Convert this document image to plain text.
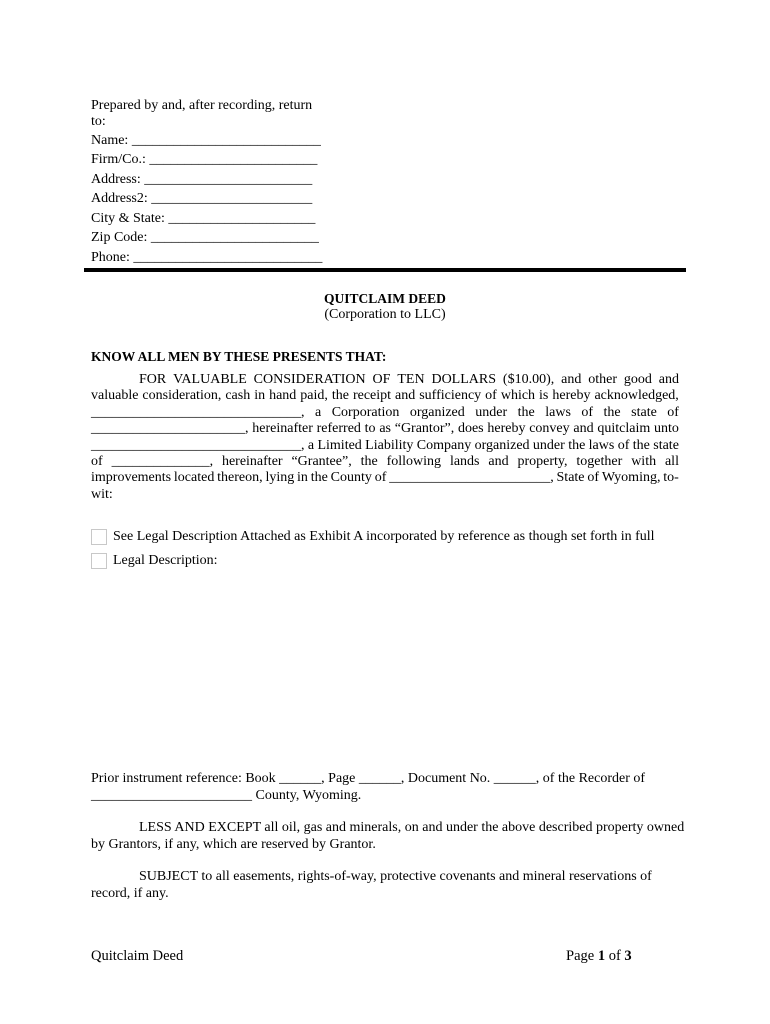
Prepared by and, after recording, return
to:
Name: ___________________________
Firm/Co.: ________________________
Address: ________________________
Address2: _______________________
City & State: _____________________
Zip Code: ________________________
Phone: ___________________________
QUITCLAIM DEED
(Corporation to LLC)
KNOW ALL MEN BY THESE PRESENTS THAT:
FOR VALUABLE CONSIDERATION OF TEN DOLLARS ($10.00), and other good and
valuable consideration, cash in hand paid, the receipt and sufficiency of which is hereby acknowledged,
______________________________, a Corporation organized under the laws of the state of
______________________, hereinafter referred to as “Grantor”, does hereby convey and quitclaim unto
______________________________, a Limited Liability Company organized under the laws of the state
of ______________, hereinafter “Grantee”, the following lands and property, together with all
improvements located thereon, lying in the County of _______________________, State of Wyoming, to-
wit:
See Legal Description Attached as Exhibit A incorporated by reference as though set forth in full
Legal Description:
Prior instrument reference: Book ______, Page ______, Document No. ______, of the Recorder of
_______________________ County, Wyoming.
LESS AND EXCEPT all oil, gas and minerals, on and under the above described property owned
by Grantors, if any, which are reserved by Grantor.
SUBJECT to all easements, rights-of-way, protective covenants and mineral reservations of
record, if any.
Quitclaim Deed	Page 1 of 3
